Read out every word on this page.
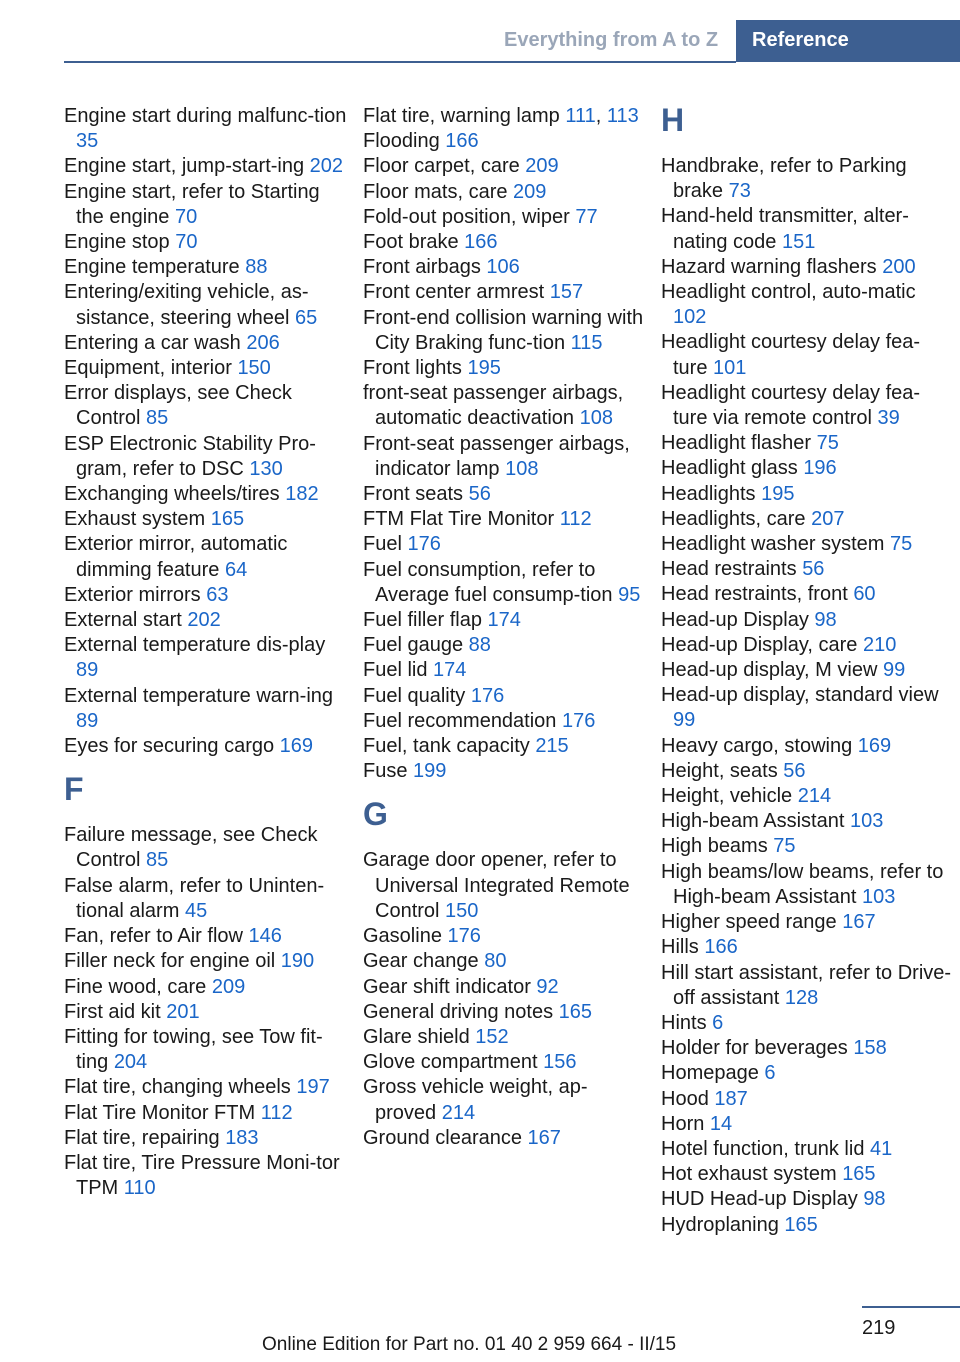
Everything from A to Z Reference
Engine start during malfunc-tion 35
Engine start, jump-start-ing 202
Engine start, refer to Starting the engine 70
Engine stop 70
Engine temperature 88
Entering/exiting vehicle, as-sistance, steering wheel 65
Entering a car wash 206
Equipment, interior 150
Error displays, see Check Control 85
ESP Electronic Stability Pro-gram, refer to DSC 130
Exchanging wheels/tires 182
Exhaust system 165
Exterior mirror, automatic dimming feature 64
Exterior mirrors 63
External start 202
External temperature dis-play 89
External temperature warn-ing 89
Eyes for securing cargo 169
F
Failure message, see Check Control 85
False alarm, refer to Uninten-tional alarm 45
Fan, refer to Air flow 146
Filler neck for engine oil 190
Fine wood, care 209
First aid kit 201
Fitting for towing, see Tow fit-ting 204
Flat tire, changing wheels 197
Flat Tire Monitor FTM 112
Flat tire, repairing 183
Flat tire, Tire Pressure Moni-tor TPM 110
Flat tire, warning lamp 111, 113
Flooding 166
Floor carpet, care 209
Floor mats, care 209
Fold-out position, wiper 77
Foot brake 166
Front airbags 106
Front center armrest 157
Front-end collision warning with City Braking func-tion 115
Front lights 195
front-seat passenger airbags, automatic deactivation 108
Front-seat passenger airbags, indicator lamp 108
Front seats 56
FTM Flat Tire Monitor 112
Fuel 176
Fuel consumption, refer to Average fuel consump-tion 95
Fuel filler flap 174
Fuel gauge 88
Fuel lid 174
Fuel quality 176
Fuel recommendation 176
Fuel, tank capacity 215
Fuse 199
G
Garage door opener, refer to Universal Integrated Remote Control 150
Gasoline 176
Gear change 80
Gear shift indicator 92
General driving notes 165
Glare shield 152
Glove compartment 156
Gross vehicle weight, ap-proved 214
Ground clearance 167
H
Handbrake, refer to Parking brake 73
Hand-held transmitter, alter-nating code 151
Hazard warning flashers 200
Headlight control, auto-matic 102
Headlight courtesy delay fea-ture 101
Headlight courtesy delay fea-ture via remote control 39
Headlight flasher 75
Headlight glass 196
Headlights 195
Headlights, care 207
Headlight washer system 75
Head restraints 56
Head restraints, front 60
Head-up Display 98
Head-up Display, care 210
Head-up display, M view 99
Head-up display, standard view 99
Heavy cargo, stowing 169
Height, seats 56
Height, vehicle 214
High-beam Assistant 103
High beams 75
High beams/low beams, refer to High-beam Assistant 103
Higher speed range 167
Hills 166
Hill start assistant, refer to Drive-off assistant 128
Hints 6
Holder for beverages 158
Homepage 6
Hood 187
Horn 14
Hotel function, trunk lid 41
Hot exhaust system 165
HUD Head-up Display 98
Hydroplaning 165
219
Online Edition for Part no. 01 40 2 959 664 - II/15
